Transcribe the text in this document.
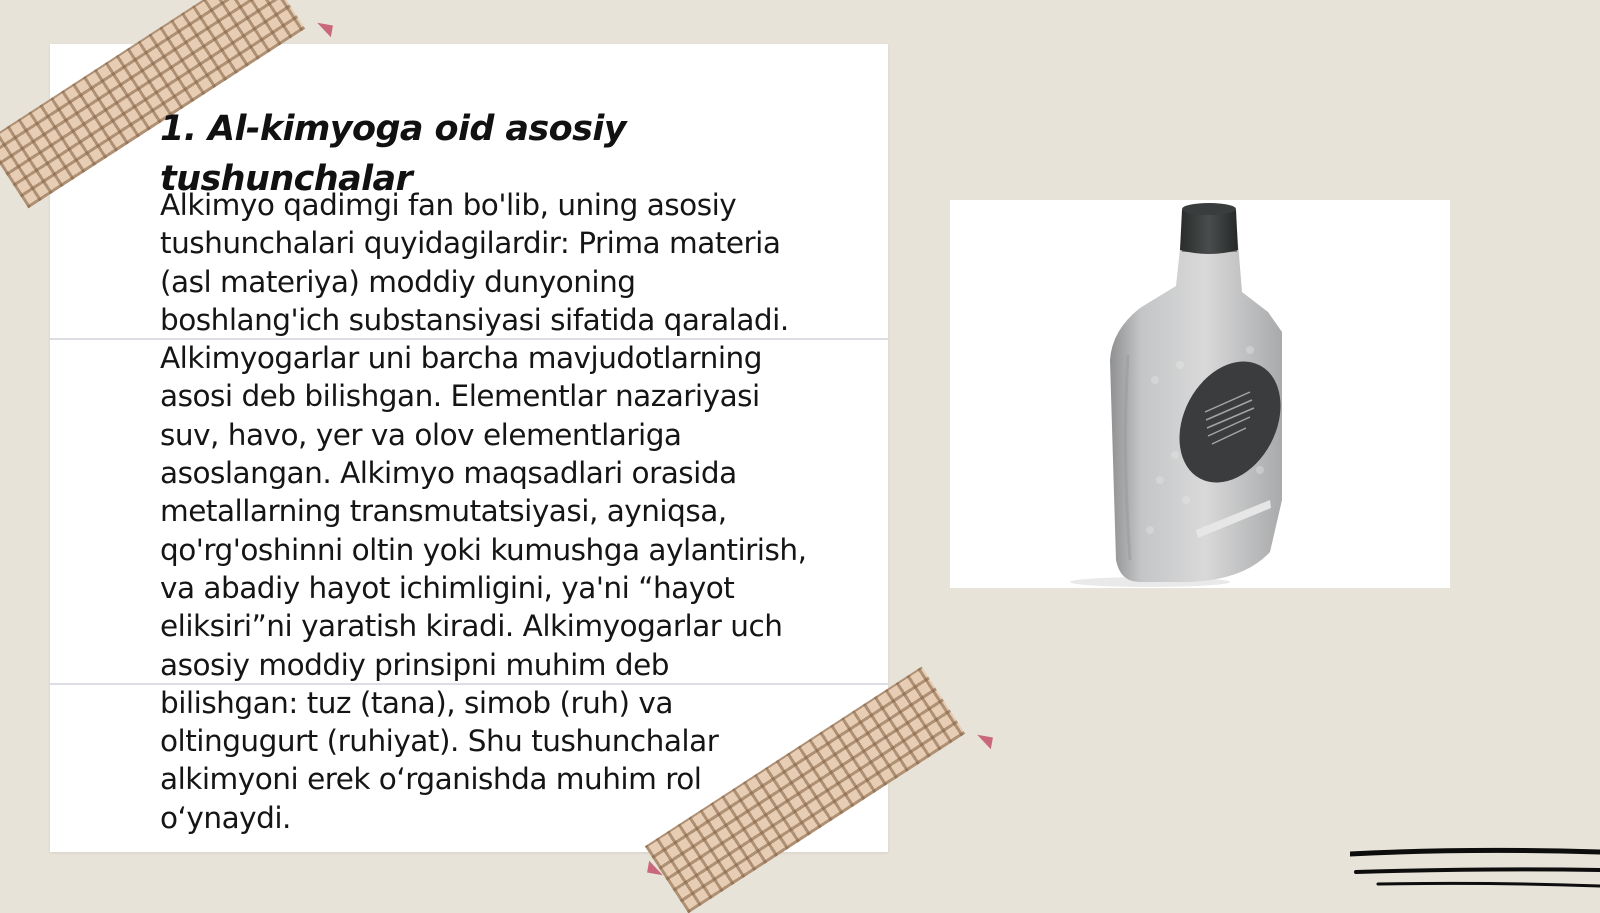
1. Al-kimyoga oid asosiy tushunchalar

Alkimyo qadimgi fan bo'lib, uning asosiy
tushunchalari quyidagilardir: Prima materia
(asl materiya) moddiy dunyoning
boshlang'ich substansiyasi sifatida qaraladi.
Alkimyogarlar uni barcha mavjudotlarning
asosi deb bilishgan. Elementlar nazariyasi
suv, havo, yer va olov elementlariga
asoslangan. Alkimyo maqsadlari orasida
metallarning transmutatsiyasi, ayniqsa,
qo'rg'oshinni oltin yoki kumushga aylantirish,
va abadiy hayot ichimligini, ya'ni “hayot
eliksiri”ni yaratish kiradi. Alkimyogarlar uch
asosiy moddiy prinsipni muhim deb
bilishgan: tuz (tana), simob (ruh) va
oltingugurt (ruhiyat). Shu tushunchalar
alkimyoni erek o‘rganishda muhim rol
o‘ynaydi.
